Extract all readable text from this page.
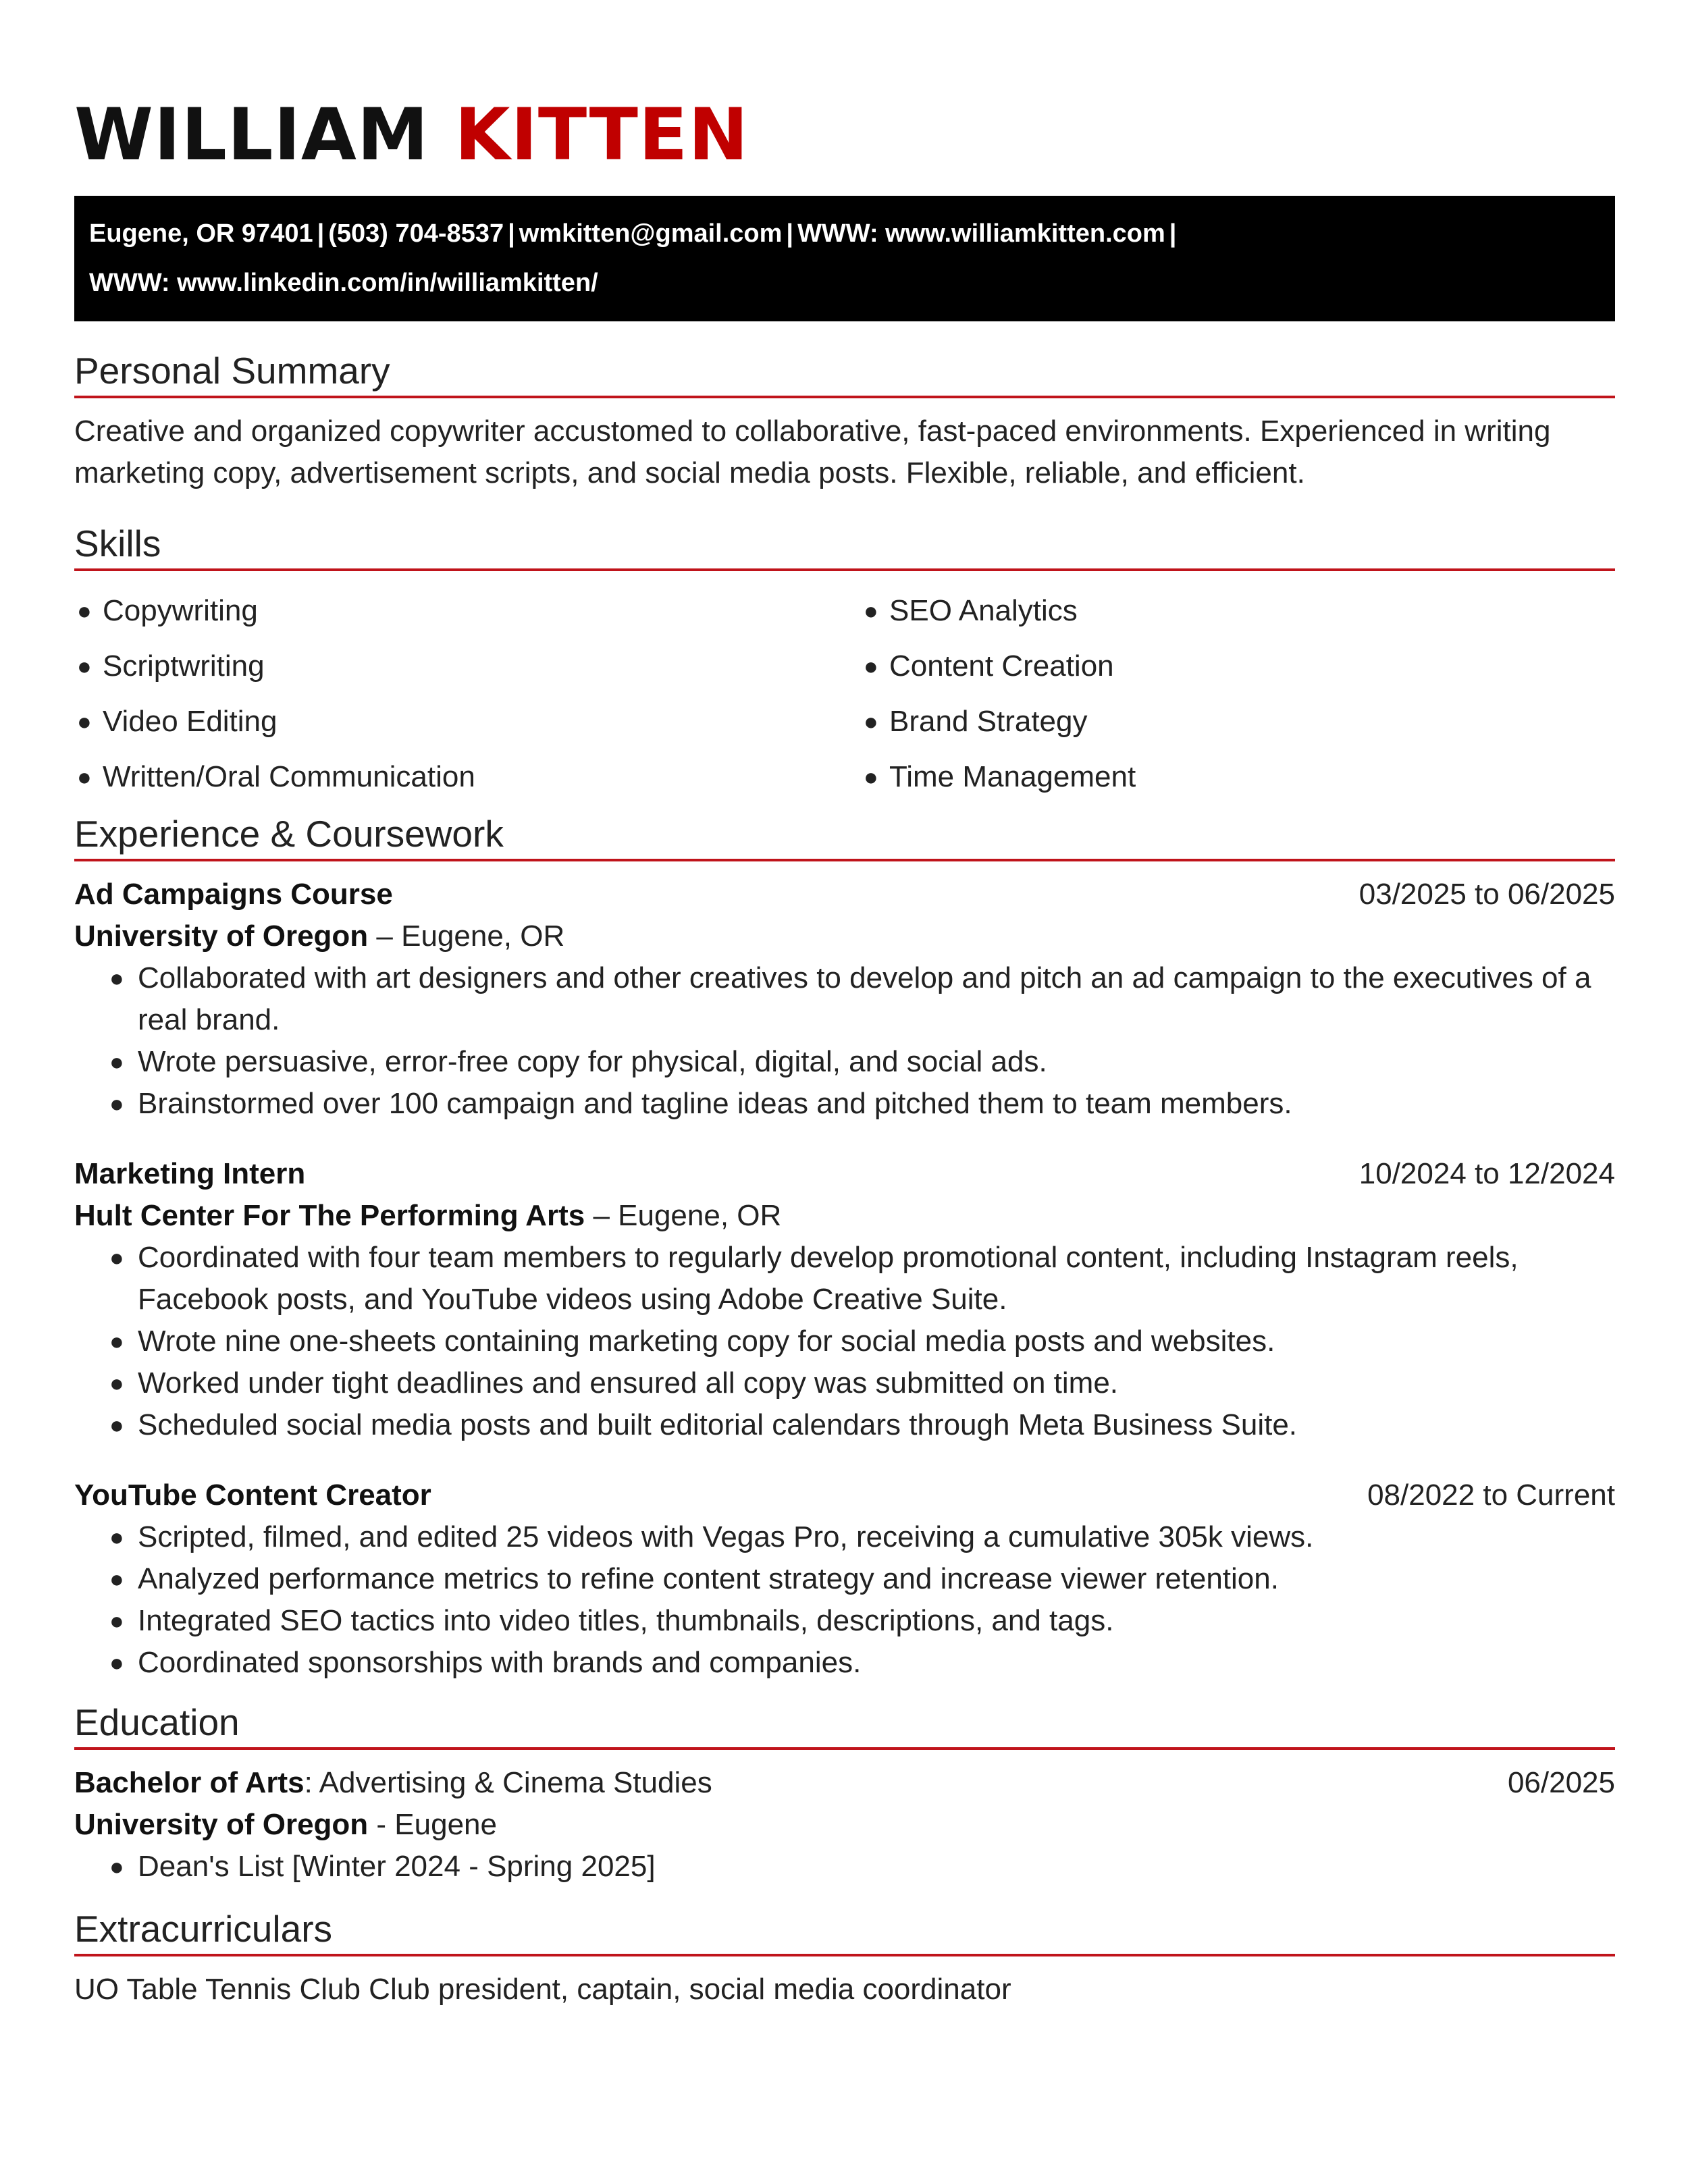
WILLIAM KITTEN
Eugene, OR 97401 | (503) 704-8537 | wmkitten@gmail.com | WWW: www.williamkitten.com |
WWW: www.linkedin.com/in/williamkitten/
Personal Summary
Creative and organized copywriter accustomed to collaborative, fast-paced environments. Experienced in writing marketing copy, advertisement scripts, and social media posts. Flexible, reliable, and efficient.
Skills
● Copywriting	● SEO Analytics
● Scriptwriting	● Content Creation
● Video Editing	● Brand Strategy
● Written/Oral Communication	● Time Management
Experience & Coursework
Ad Campaigns Course	03/2025 to 06/2025
University of Oregon – Eugene, OR
● Collaborated with art designers and other creatives to develop and pitch an ad campaign to the executives of a real brand.
● Wrote persuasive, error-free copy for physical, digital, and social ads.
● Brainstormed over 100 campaign and tagline ideas and pitched them to team members.
Marketing Intern	10/2024 to 12/2024
Hult Center For The Performing Arts – Eugene, OR
● Coordinated with four team members to regularly develop promotional content, including Instagram reels, Facebook posts, and YouTube videos using Adobe Creative Suite.
● Wrote nine one-sheets containing marketing copy for social media posts and websites.
● Worked under tight deadlines and ensured all copy was submitted on time.
● Scheduled social media posts and built editorial calendars through Meta Business Suite.
YouTube Content Creator	08/2022 to Current
● Scripted, filmed, and edited 25 videos with Vegas Pro, receiving a cumulative 305k views.
● Analyzed performance metrics to refine content strategy and increase viewer retention.
● Integrated SEO tactics into video titles, thumbnails, descriptions, and tags.
● Coordinated sponsorships with brands and companies.
Education
Bachelor of Arts: Advertising & Cinema Studies	06/2025
University of Oregon - Eugene
● Dean's List [Winter 2024 - Spring 2025]
Extracurriculars
UO Table Tennis Club Club president, captain, social media coordinator
